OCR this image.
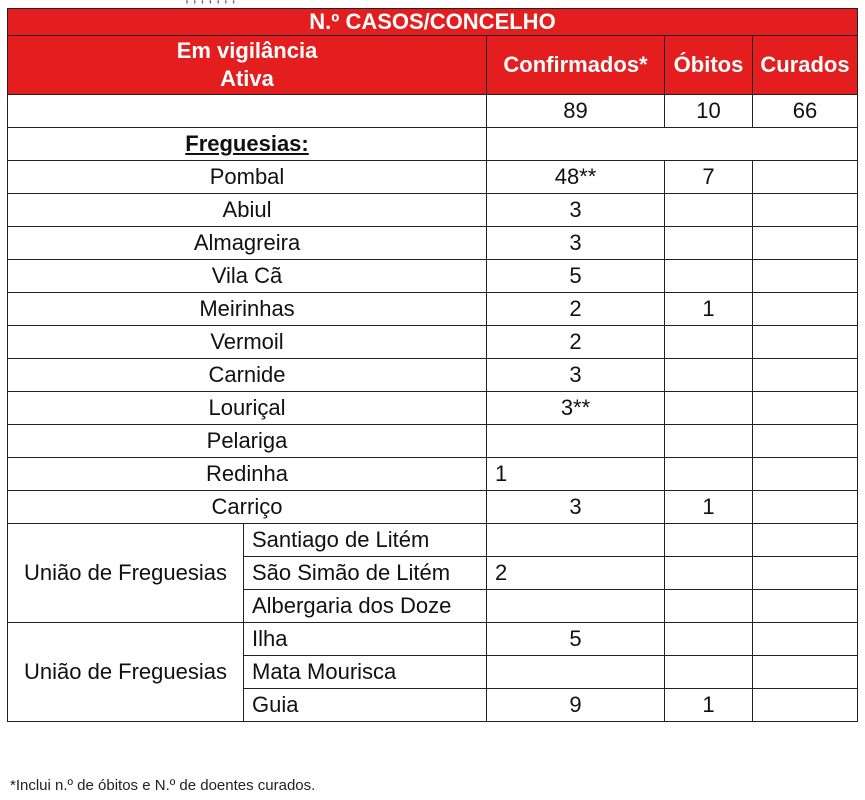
N.º CASOS/CONCELHO				

Em vigilância
Ativa		Confirmados*	Óbitos	Curados
		89	10	66
Freguesias:				
Pombal		48**	7	
Abiul		3		
Almagreira		3		
Vila Cã		5		
Meirinhas		2	1	
Vermoil		2		
Carnide		3		
Louriçal		3**		
Pelariga				
Redinha		1		
Carriço		3	1	
União de Freguesias	Santiago de Litém			
	São Simão de Litém	2		
	Albergaria dos Doze			
União de Freguesias	Ilha	5		
	Mata Mourisca			
	Guia	9	1	
*Inclui n.º de óbitos e N.º de doentes curados.
